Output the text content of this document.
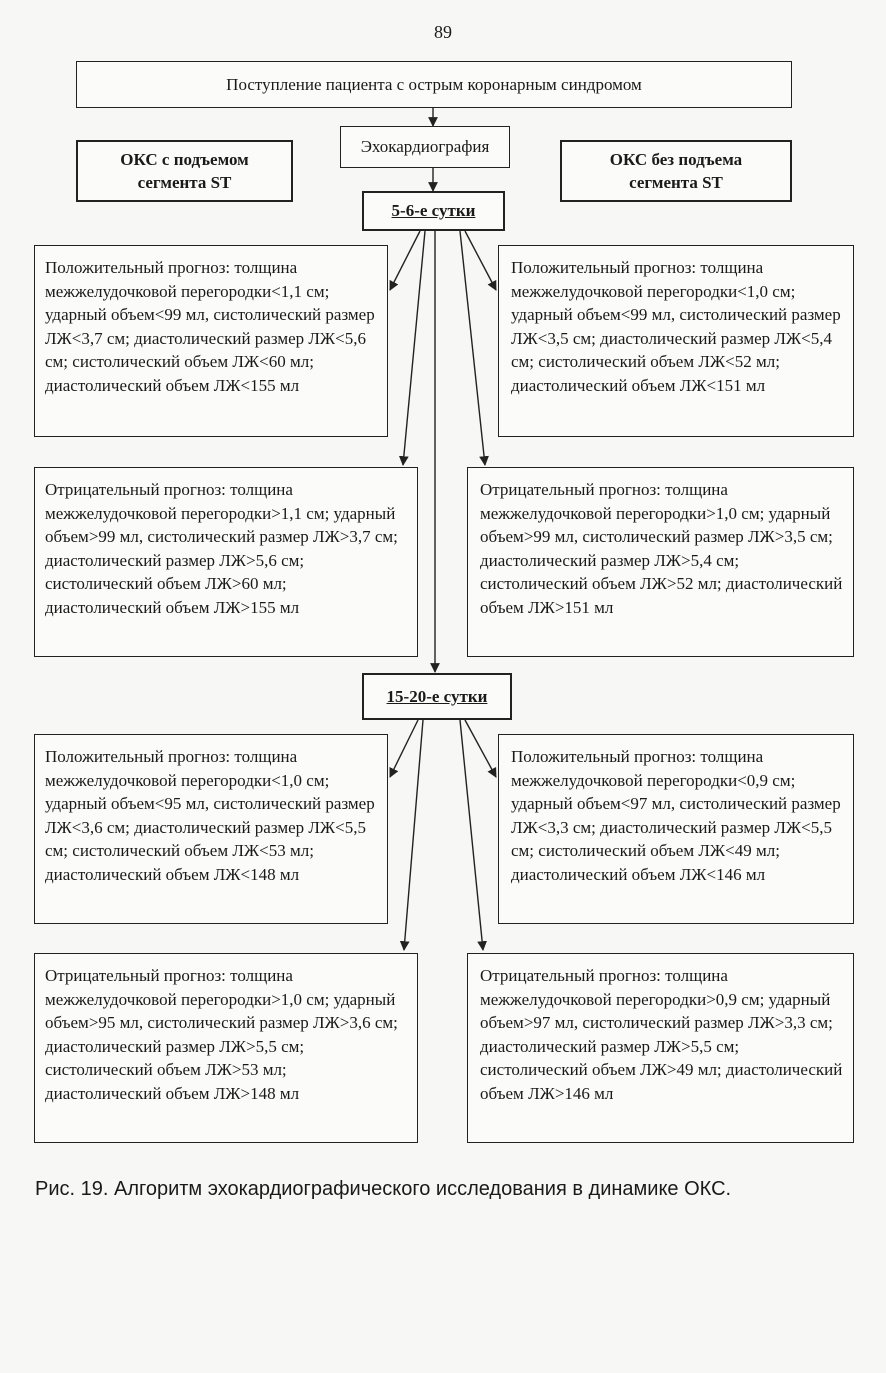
89
Поступление пациента с острым коронарным синдромом
Эхокардиография
ОКС с подъемом сегмента ST
ОКС без подъема сегмента ST
5-6-е сутки
Положительный прогноз: толщина межжелудочковой перегородки<1,1 см; ударный объем<99 мл, систолический размер ЛЖ<3,7 см; диастолический размер ЛЖ<5,6 см; систолический объем ЛЖ<60 мл; диастолический объем ЛЖ<155 мл
Положительный прогноз: толщина межжелудочковой перегородки<1,0 см; ударный объем<99 мл, систолический размер ЛЖ<3,5 см; диастолический размер ЛЖ<5,4 см; систолический объем ЛЖ<52 мл; диастолический объем ЛЖ<151 мл
Отрицательный прогноз: толщина межжелудочковой перегородки>1,1 см; ударный объем>99 мл, систолический размер ЛЖ>3,7 см; диастолический размер ЛЖ>5,6 см; систолический объем ЛЖ>60 мл; диастолический объем ЛЖ>155 мл
Отрицательный прогноз: толщина межжелудочковой перегородки>1,0 см; ударный объем>99 мл, систолический размер ЛЖ>3,5 см; диастолический размер ЛЖ>5,4 см; систолический объем ЛЖ>52 мл; диастолический объем ЛЖ>151 мл
15-20-е сутки
Положительный прогноз: толщина межжелудочковой перегородки<1,0 см; ударный объем<95 мл, систолический размер ЛЖ<3,6 см; диастолический размер ЛЖ<5,5 см; систолический объем ЛЖ<53 мл; диастолический объем ЛЖ<148 мл
Положительный прогноз: толщина межжелудочковой перегородки<0,9 см; ударный объем<97 мл, систолический размер ЛЖ<3,3 см; диастолический размер ЛЖ<5,5 см; систолический объем ЛЖ<49 мл; диастолический объем ЛЖ<146 мл
Отрицательный прогноз: толщина межжелудочковой перегородки>1,0 см; ударный объем>95 мл, систолический размер ЛЖ>3,6 см; диастолический размер ЛЖ>5,5 см; систолический объем ЛЖ>53 мл; диастолический объем ЛЖ>148 мл
Отрицательный прогноз: толщина межжелудочковой перегородки>0,9 см; ударный объем>97 мл, систолический размер ЛЖ>3,3 см; диастолический размер ЛЖ>5,5 см; систолический объем ЛЖ>49 мл; диастолический объем ЛЖ>146 мл
Рис. 19. Алгоритм эхокардиографического исследования в динамике ОКС.
